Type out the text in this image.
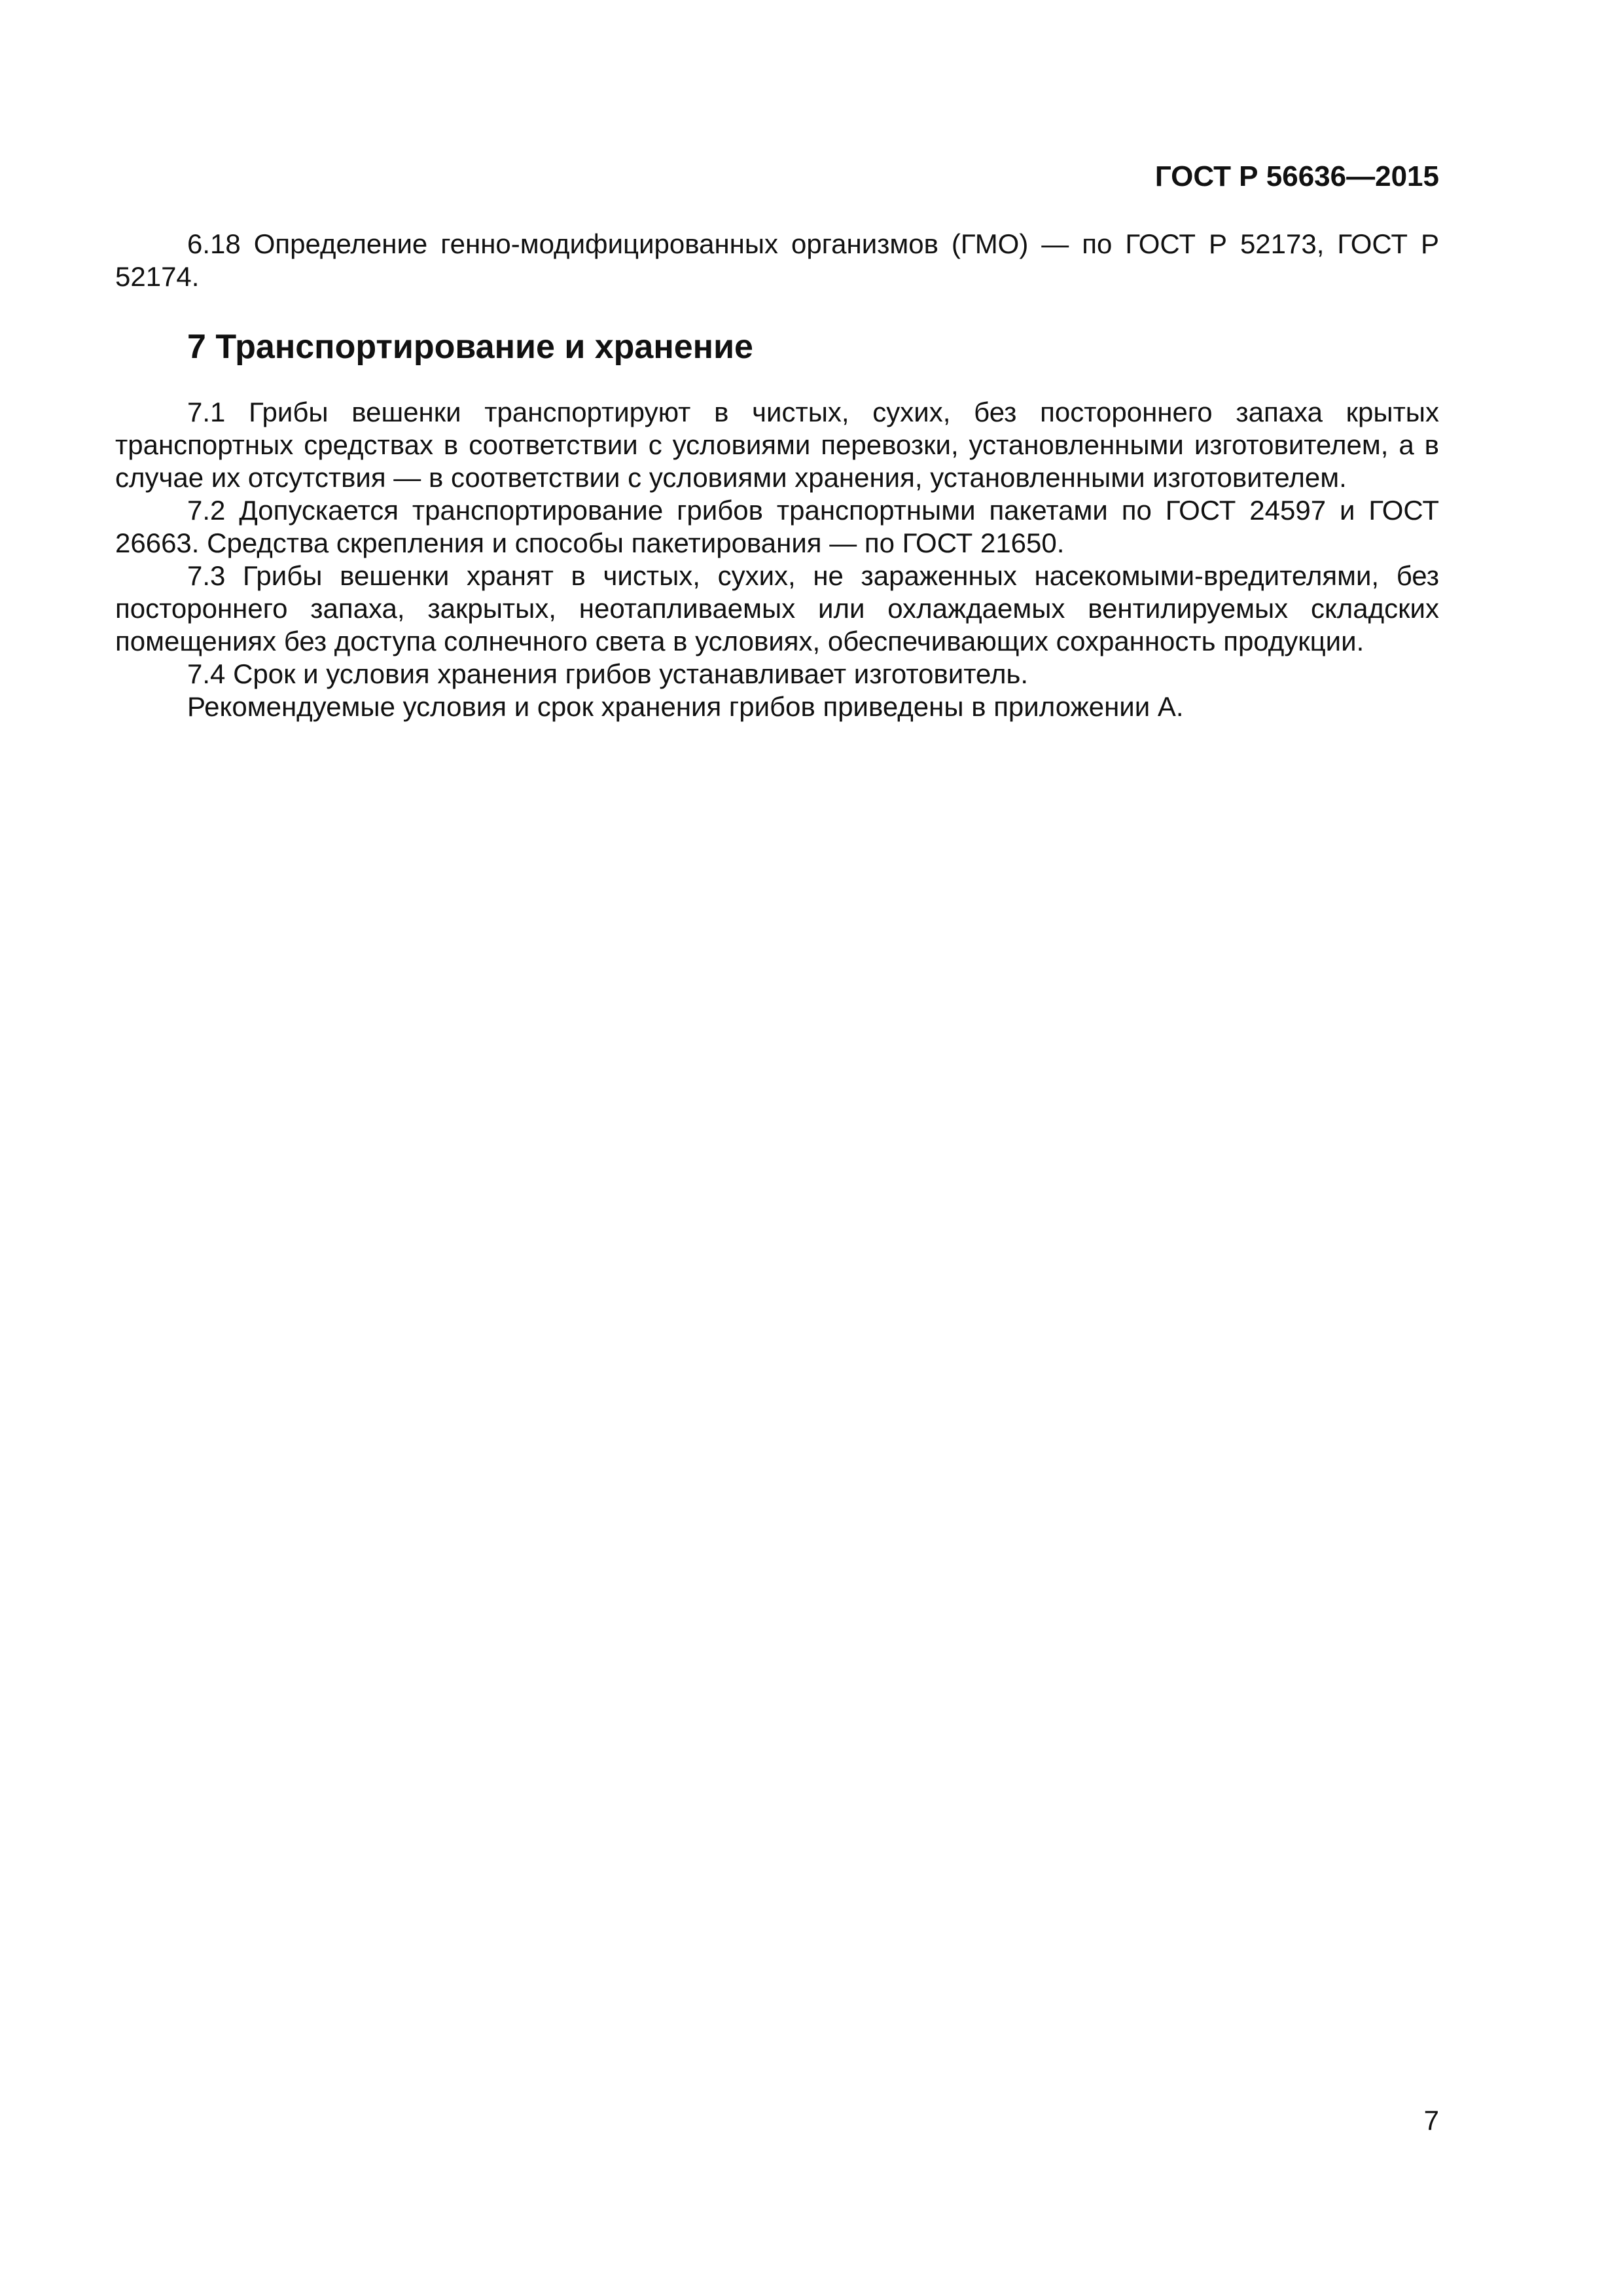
ГОСТ Р 56636—2015

6.18 Определение генно-модифицированных организмов (ГМО) — по ГОСТ Р 52173, ГОСТ Р 52174.

7 Транспортирование и хранение

7.1 Грибы вешенки транспортируют в чистых, сухих, без постороннего запаха крытых транспортных средствах в соответствии с условиями перевозки, установленными изготовителем, а в случае их отсутствия — в соответствии с условиями хранения, установленными изготовителем.

7.2 Допускается транспортирование грибов транспортными пакетами по ГОСТ 24597 и ГОСТ 26663. Средства скрепления и способы пакетирования — по ГОСТ 21650.

7.3 Грибы вешенки хранят в чистых, сухих, не зараженных насекомыми-вредителями, без постороннего запаха, закрытых, неотапливаемых или охлаждаемых вентилируемых складских помещениях без доступа солнечного света в условиях, обеспечивающих сохранность продукции.

7.4 Срок и условия хранения грибов устанавливает изготовитель.

Рекомендуемые условия и срок хранения грибов приведены в приложении А.

7
